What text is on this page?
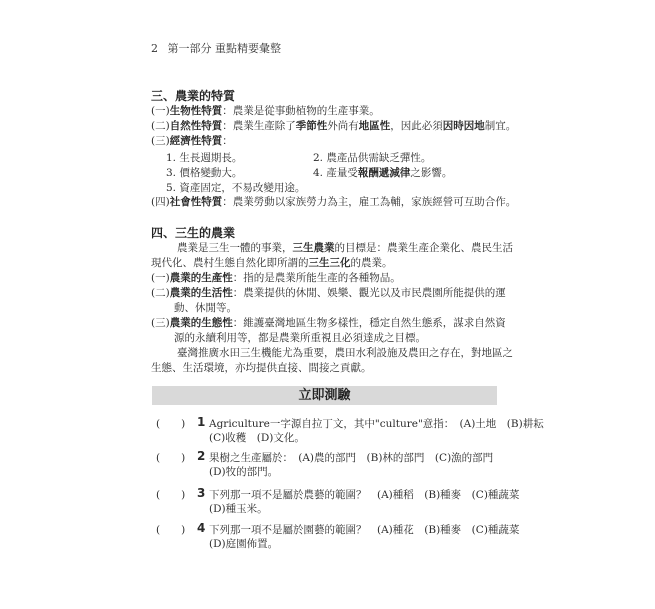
2 第一部分 重點精要彙整
三、農業的特質
(一)生物性特質：農業是從事動植物的生產事業。
(二)自然性特質：農業生產除了季節性外尚有地區性，因此必須因時因地制宜。
(三)經濟性特質：
1. 生長週期長。	2. 農產品供需缺乏彈性。
3. 價格變動大。	4. 產量受報酬遞減律之影響。
5. 資產固定，不易改變用途。
(四)社會性特質：農業勞動以家族勞力為主，雇工為輔，家族經營可互助合作。
四、三生的農業
農業是三生一體的事業，三生農業的目標是：農業生產企業化、農民生活
現代化、農村生態自然化即所謂的三生三化的農業。
(一)農業的生產性：指的是農業所能生產的各種物品。
(二)農業的生活性：農業提供的休閒、娛樂、觀光以及市民農園所能提供的運
動、休閒等。
(三)農業的生態性：維護臺灣地區生物多樣性，穩定自然生態系，謀求自然資
源的永續利用等，都是農業所重視且必須達成之目標。
臺灣推廣水田三生機能尤為重要，農田水利設施及農田之存在，對地區之
生態、生活環境，亦均提供直接、間接之貢獻。
立即測驗
(　　) 1 Agriculture一字源自拉丁文，其中"culture"意指：　(A)土地　(B)耕耘
(C)收穫　(D)文化。
(　　) 2 果樹之生產屬於：　(A)農的部門　(B)林的部門　(C)漁的部門
(D)牧的部門。
(　　) 3 下列那一項不是屬於農藝的範圍？　(A)種稻　(B)種麥　(C)種蔬菜
(D)種玉米。
(　　) 4 下列那一項不是屬於園藝的範圍？　(A)種花　(B)種麥　(C)種蔬菜
(D)庭園佈置。
